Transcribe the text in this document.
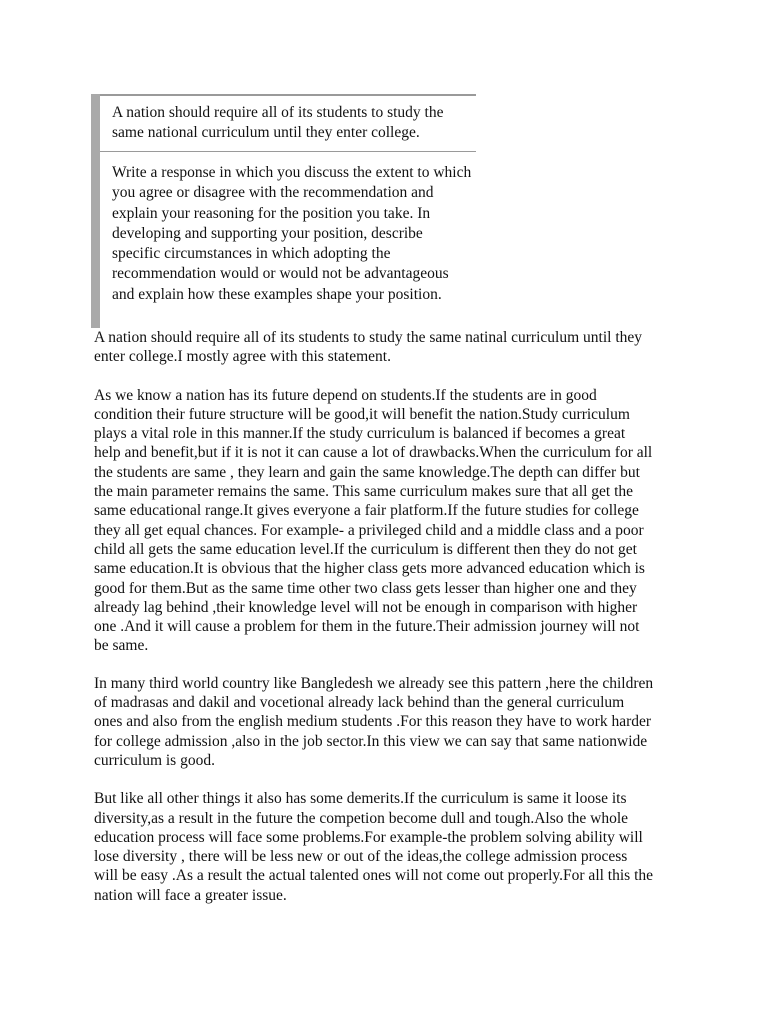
A nation should require all of its students to study the same national curriculum until they enter college.

Write a response in which you discuss the extent to which you agree or disagree with the recommendation and explain your reasoning for the position you take. In developing and supporting your position, describe specific circumstances in which adopting the recommendation would or would not be advantageous and explain how these examples shape your position.

A nation should require all of its students to study the same natinal curriculum until they enter college.I mostly agree with this statement.

As we know a nation has its future depend on students.If the students are in good condition their future structure will be good,it will benefit the nation.Study curriculum plays a vital role in this manner.If the study curriculum is balanced if becomes a great help and benefit,but if it is not it can cause a lot of drawbacks.When the curriculum for all the students are same , they learn and gain the same knowledge.The depth can differ but the main parameter remains the same. This same curriculum makes sure that all get the same educational range.It gives everyone a fair platform.If the future studies for college they all get equal chances. For example- a privileged child and a middle class and a poor child all gets the same education level.If the curriculum is different then they do not get same education.It is obvious that the higher class gets more advanced education which is good for them.But as the same time other two class gets lesser than higher one and they already lag behind ,their knowledge level will not be enough in comparison with higher one .And it will cause a problem for them in the future.Their admission journey will not be same.

In many third world country like Bangledesh we already see this pattern ,here the children of madrasas and dakil and vocetional already lack behind than the general curriculum ones and also from the english medium students .For this reason they have to work harder for college admission ,also in the job sector.In this view we can say that same nationwide curriculum is good.

But like all other things it also has some demerits.If the curriculum is same it loose its diversity,as a result in the future the competion become dull and tough.Also the whole education process will face some problems.For example-the problem solving ability will lose diversity , there will be less new or out of the ideas,the college admission process will be easy .As a result the actual talented ones will not come out properly.For all this the nation will face a greater issue.
